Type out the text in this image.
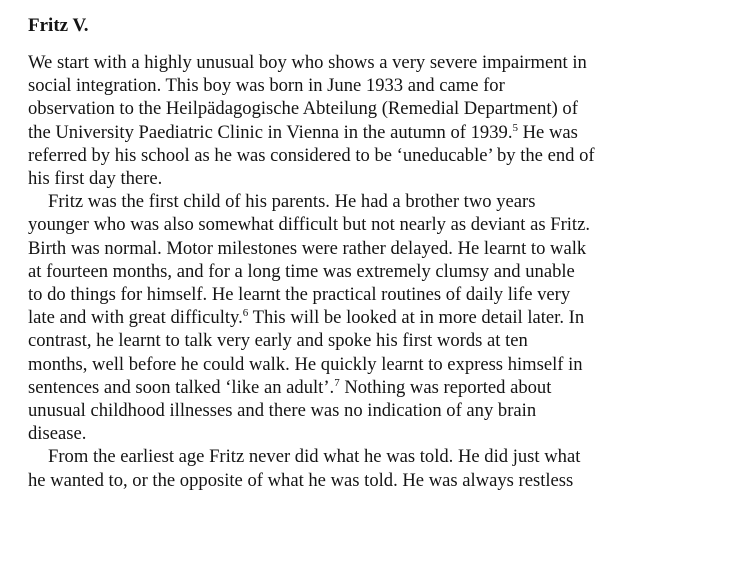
Fritz V.

We start with a highly unusual boy who shows a very severe impairment in
social integration. This boy was born in June 1933 and came for
observation to the Heilpädagogische Abteilung (Remedial Department) of
the University Paediatric Clinic in Vienna in the autumn of 1939.$^5$ He was
referred by his school as he was considered to be ‘uneducable’ by the end of
his first day there.

Fritz was the first child of his parents. He had a brother two years
younger who was also somewhat difficult but not nearly as deviant as Fritz.
Birth was normal. Motor milestones were rather delayed. He learnt to walk
at fourteen months, and for a long time was extremely clumsy and unable
to do things for himself. He learnt the practical routines of daily life very
late and with great difficulty.$^6$ This will be looked at in more detail later. In
contrast, he learnt to talk very early and spoke his first words at ten
months, well before he could walk. He quickly learnt to express himself in
sentences and soon talked ‘like an adult’.$^7$ Nothing was reported about
unusual childhood illnesses and there was no indication of any brain
disease.

From the earliest age Fritz never did what he was told. He did just what
he wanted to, or the opposite of what he was told. He was always restless
